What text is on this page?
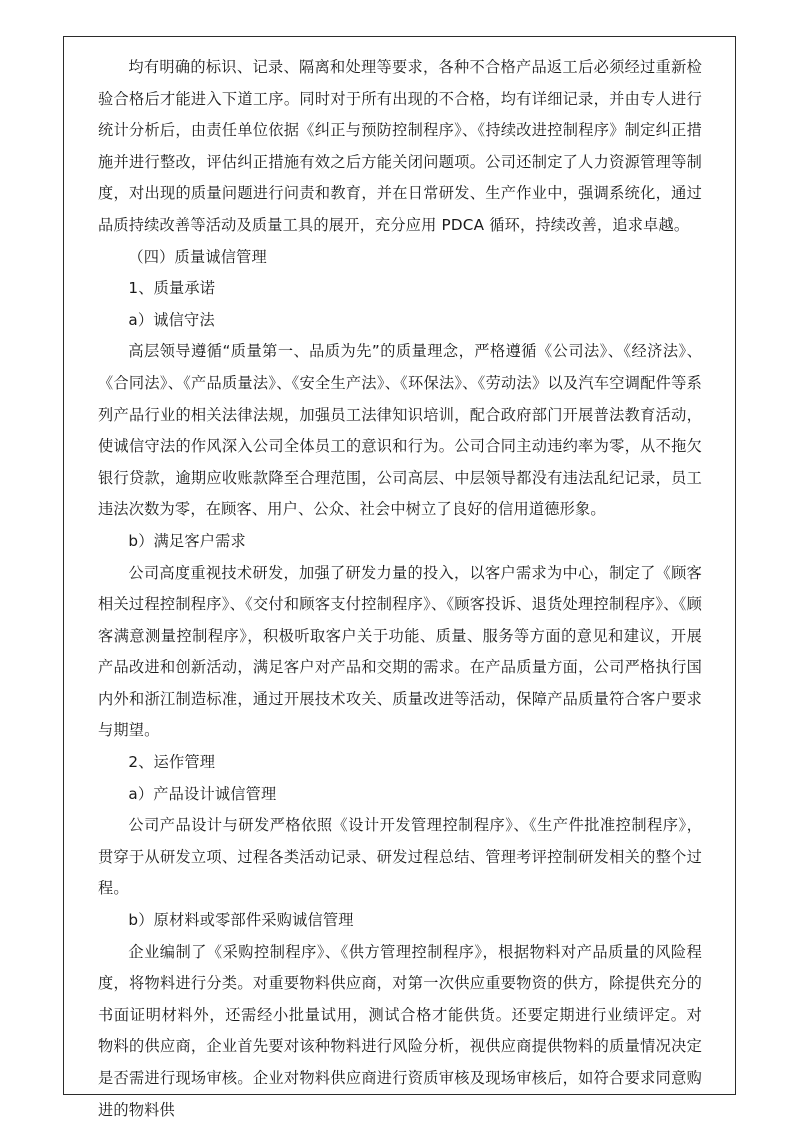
均有明确的标识、记录、隔离和处理等要求，各种不合格产品返工后必须经过重新检验合格后才能进入下道工序。同时对于所有出现的不合格，均有详细记录，并由专人进行统计分析后，由责任单位依据《纠正与预防控制程序》、《持续改进控制程序》制定纠正措施并进行整改，评估纠正措施有效之后方能关闭问题项。公司还制定了人力资源管理等制度，对出现的质量问题进行问责和教育，并在日常研发、生产作业中，强调系统化，通过品质持续改善等活动及质量工具的展开，充分应用 PDCA 循环，持续改善，追求卓越。

（四）质量诚信管理

1、质量承诺

a）诚信守法

高层领导遵循“质量第一、品质为先”的质量理念，严格遵循《公司法》、《经济法》、《合同法》、《产品质量法》、《安全生产法》、《环保法》、《劳动法》以及汽车空调配件等系列产品行业的相关法律法规，加强员工法律知识培训，配合政府部门开展普法教育活动，使诚信守法的作风深入公司全体员工的意识和行为。公司合同主动违约率为零，从不拖欠银行贷款，逾期应收账款降至合理范围，公司高层、中层领导都没有违法乱纪记录，员工违法次数为零，在顾客、用户、公众、社会中树立了良好的信用道德形象。

b）满足客户需求

公司高度重视技术研发，加强了研发力量的投入，以客户需求为中心，制定了《顾客相关过程控制程序》、《交付和顾客支付控制程序》、《顾客投诉、退货处理控制程序》、《顾客满意测量控制程序》，积极听取客户关于功能、质量、服务等方面的意见和建议，开展产品改进和创新活动，满足客户对产品和交期的需求。在产品质量方面，公司严格执行国内外和浙江制造标准，通过开展技术攻关、质量改进等活动，保障产品质量符合客户要求与期望。

2、运作管理

a）产品设计诚信管理

公司产品设计与研发严格依照《设计开发管理控制程序》、《生产件批准控制程序》，贯穿于从研发立项、过程各类活动记录、研发过程总结、管理考评控制研发相关的整个过程。

b）原材料或零部件采购诚信管理

企业编制了《采购控制程序》、《供方管理控制程序》，根据物料对产品质量的风险程度，将物料进行分类。对重要物料供应商，对第一次供应重要物资的供方，除提供充分的书面证明材料外，还需经小批量试用，测试合格才能供货。还要定期进行业绩评定。对 物料的供应商，企业首先要对该种物料进行风险分析，视供应商提供物料的质量情况决定是否需进行现场审核。企业对物料供应商进行资质审核及现场审核后，如符合要求同意购进的物料供
